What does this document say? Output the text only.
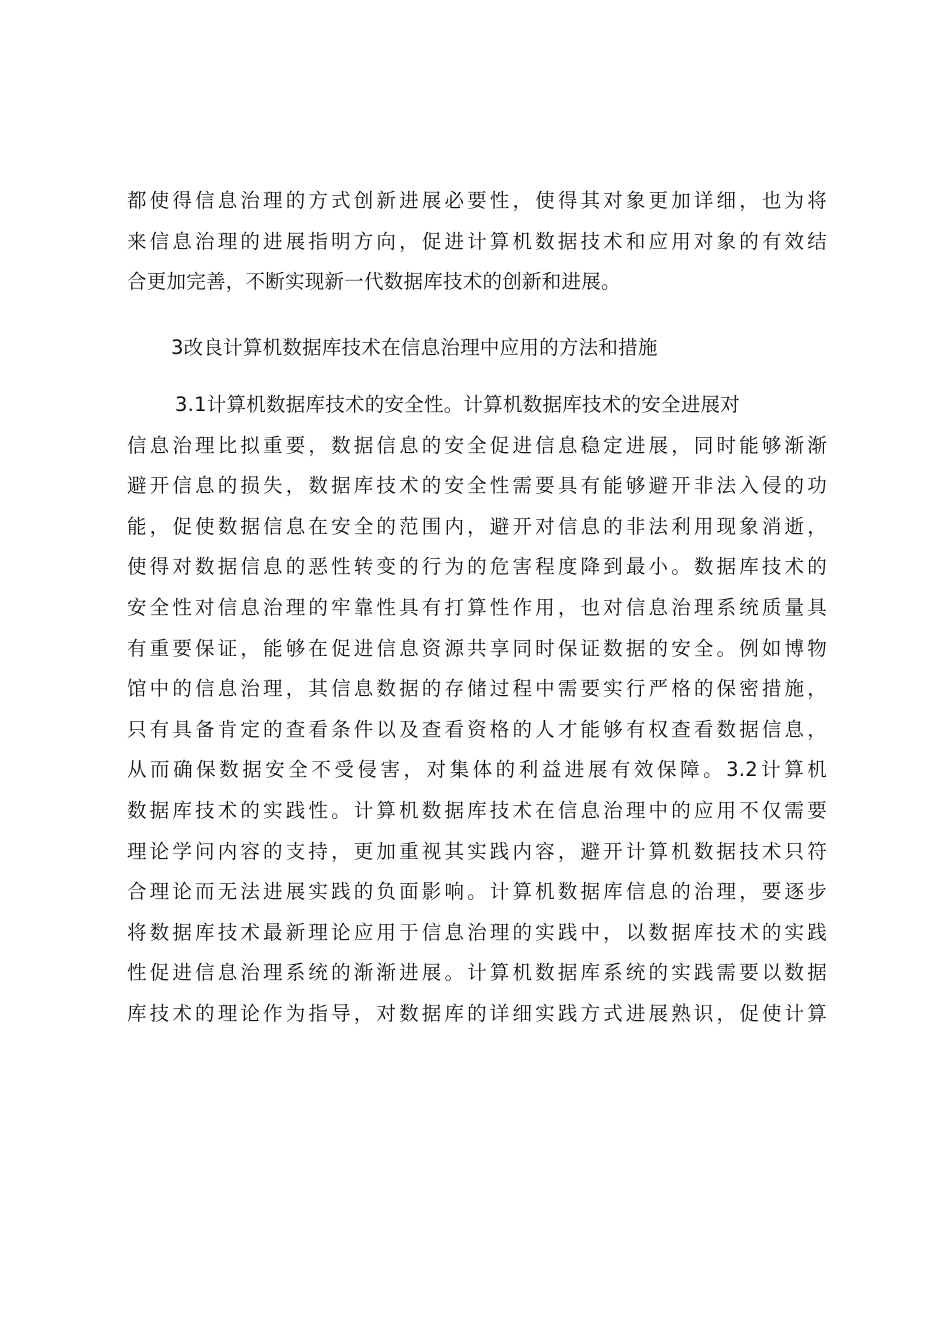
都使得信息治理的方式创新进展必要性，使得其对象更加详细，也为将
来信息治理的进展指明方向，促进计算机数据技术和应用对象的有效结
合更加完善，不断实现新一代数据库技术的创新和进展。
3改良计算机数据库技术在信息治理中应用的方法和措施
3.1计算机数据库技术的安全性。计算机数据库技术的安全进展对
信息治理比拟重要，数据信息的安全促进信息稳定进展，同时能够渐渐
避开信息的损失，数据库技术的安全性需要具有能够避开非法入侵的功
能，促使数据信息在安全的范围内，避开对信息的非法利用现象消逝，
使得对数据信息的恶性转变的行为的危害程度降到最小。数据库技术的
安全性对信息治理的牢靠性具有打算性作用，也对信息治理系统质量具
有重要保证，能够在促进信息资源共享同时保证数据的安全。例如博物
馆中的信息治理，其信息数据的存储过程中需要实行严格的保密措施，
只有具备肯定的查看条件以及查看资格的人才能够有权查看数据信息，
从而确保数据安全不受侵害，对集体的利益进展有效保障。3.2计算机
数据库技术的实践性。计算机数据库技术在信息治理中的应用不仅需要
理论学问内容的支持，更加重视其实践内容，避开计算机数据技术只符
合理论而无法进展实践的负面影响。计算机数据库信息的治理，要逐步
将数据库技术最新理论应用于信息治理的实践中，以数据库技术的实践
性促进信息治理系统的渐渐进展。计算机数据库系统的实践需要以数据
库技术的理论作为指导，对数据库的详细实践方式进展熟识，促使计算
